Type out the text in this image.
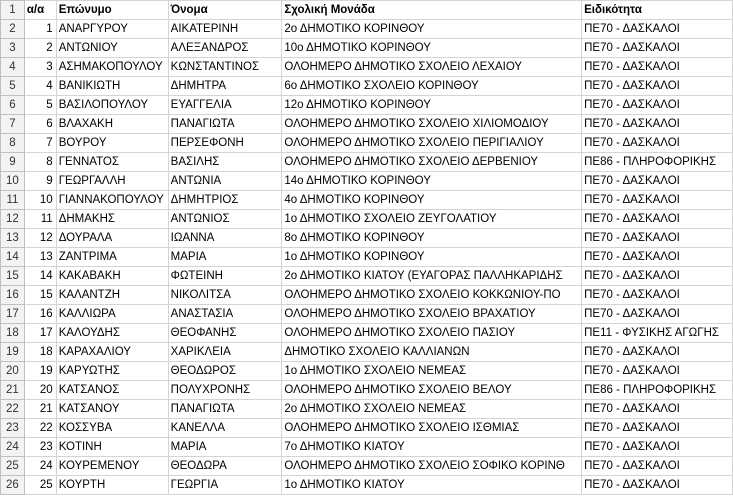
1	α/α	Επώνυμο	Όνομα	Σχολική Μονάδα	Ειδικότητα
2	1	ΑΝΑΡΓΥΡΟΥ	ΑΙΚΑΤΕΡΙΝΗ	2ο ΔΗΜΟΤΙΚΟ ΚΟΡΙΝΘΟΥ	ΠΕ70 - ΔΑΣΚΑΛΟΙ
3	2	ΑΝΤΩΝΙΟΥ	ΑΛΕΞΑΝΔΡΟΣ	10ο ΔΗΜΟΤΙΚΟ ΚΟΡΙΝΘΟΥ	ΠΕ70 - ΔΑΣΚΑΛΟΙ
4	3	ΑΣΗΜΑΚΟΠΟΥΛΟΥ	ΚΩΝΣΤΑΝΤΙΝΟΣ	ΟΛΟΗΜΕΡΟ ΔΗΜΟΤΙΚΟ ΣΧΟΛΕΙΟ ΛΕΧΑΙΟΥ	ΠΕ70 - ΔΑΣΚΑΛΟΙ
5	4	ΒΑΝΙΚΙΩΤΗ	ΔΗΜΗΤΡΑ	6ο ΔΗΜΟΤΙΚΟ ΣΧΟΛΕΙΟ ΚΟΡΙΝΘΟΥ	ΠΕ70 - ΔΑΣΚΑΛΟΙ
6	5	ΒΑΣΙΛΟΠΟΥΛΟΥ	ΕΥΑΓΓΕΛΙΑ	12ο ΔΗΜΟΤΙΚΟ ΚΟΡΙΝΘΟΥ	ΠΕ70 - ΔΑΣΚΑΛΟΙ
7	6	ΒΛΑΧΑΚΗ	ΠΑΝΑΓΙΩΤΑ	ΟΛΟΗΜΕΡΟ ΔΗΜΟΤΙΚΟ ΣΧΟΛΕΙΟ ΧΙΛΙΟΜΟΔΙΟΥ	ΠΕ70 - ΔΑΣΚΑΛΟΙ
8	7	ΒΟΥΡΟΥ	ΠΕΡΣΕΦΟΝΗ	ΟΛΟΗΜΕΡΟ ΔΗΜΟΤΙΚΟ ΣΧΟΛΕΙΟ ΠΕΡΙΓΙΑΛΙΟΥ	ΠΕ70 - ΔΑΣΚΑΛΟΙ
9	8	ΓΕΝΝΑΤΟΣ	ΒΑΣΙΛΗΣ	ΟΛΟΗΜΕΡΟ ΔΗΜΟΤΙΚΟ ΣΧΟΛΕΙΟ ΔΕΡΒΕΝΙΟΥ	ΠΕ86 - ΠΛΗΡΟΦΟΡΙΚΗΣ
10	9	ΓΕΩΡΓΑΛΛΗ	ΑΝΤΩΝΙΑ	14ο ΔΗΜΟΤΙΚΟ ΚΟΡΙΝΘΟΥ	ΠΕ70 - ΔΑΣΚΑΛΟΙ
11	10	ΓΙΑΝΝΑΚΟΠΟΥΛΟΥ	ΔΗΜΗΤΡΙΟΣ	4ο ΔΗΜΟΤΙΚΟ ΚΟΡΙΝΘΟΥ	ΠΕ70 - ΔΑΣΚΑΛΟΙ
12	11	ΔΗΜΑΚΗΣ	ΑΝΤΩΝΙΟΣ	1ο ΔΗΜΟΤΙΚΟ ΣΧΟΛΕΙΟ ΖΕΥΓΟΛΑΤΙΟΥ	ΠΕ70 - ΔΑΣΚΑΛΟΙ
13	12	ΔΟΥΡΑΛΑ	ΙΩΑΝΝΑ	8ο ΔΗΜΟΤΙΚΟ ΚΟΡΙΝΘΟΥ	ΠΕ70 - ΔΑΣΚΑΛΟΙ
14	13	ΖΑΝΤΡΙΜΑ	ΜΑΡΙΑ	1ο ΔΗΜΟΤΙΚΟ ΚΟΡΙΝΘΟΥ	ΠΕ70 - ΔΑΣΚΑΛΟΙ
15	14	ΚΑΚΑΒΑΚΗ	ΦΩΤΕΙΝΗ	2ο ΔΗΜΟΤΙΚΟ ΚΙΑΤΟΥ (ΕΥΑΓΟΡΑΣ ΠΑΛΛΗΚΑΡΙΔΗΣ	ΠΕ70 - ΔΑΣΚΑΛΟΙ
16	15	ΚΑΛΑΝΤΖΗ	ΝΙΚΟΛΙΤΣΑ	ΟΛΟΗΜΕΡΟ ΔΗΜΟΤΙΚΟ ΣΧΟΛΕΙΟ ΚΟΚΚΩΝΙΟΥ-ΠΟ	ΠΕ70 - ΔΑΣΚΑΛΟΙ
17	16	ΚΑΛΛΙΩΡΑ	ΑΝΑΣΤΑΣΙΑ	ΟΛΟΗΜΕΡΟ ΔΗΜΟΤΙΚΟ ΣΧΟΛΕΙΟ ΒΡΑΧΑΤΙΟΥ	ΠΕ70 - ΔΑΣΚΑΛΟΙ
18	17	ΚΑΛΟΥΔΗΣ	ΘΕΟΦΑΝΗΣ	ΟΛΟΗΜΕΡΟ ΔΗΜΟΤΙΚΟ ΣΧΟΛΕΙΟ ΠΑΣΙΟΥ	ΠΕ11 - ΦΥΣΙΚΗΣ ΑΓΩΓΗΣ
19	18	ΚΑΡΑΧΑΛΙΟΥ	ΧΑΡΙΚΛΕΙΑ	ΔΗΜΟΤΙΚΟ ΣΧΟΛΕΙΟ ΚΑΛΛΙΑΝΩΝ	ΠΕ70 - ΔΑΣΚΑΛΟΙ
20	19	ΚΑΡΥΩΤΗΣ	ΘΕΟΔΩΡΟΣ	1ο ΔΗΜΟΤΙΚΟ ΣΧΟΛΕΙΟ ΝΕΜΕΑΣ	ΠΕ70 - ΔΑΣΚΑΛΟΙ
21	20	ΚΑΤΣΑΝΟΣ	ΠΟΛΥΧΡΟΝΗΣ	ΟΛΟΗΜΕΡΟ ΔΗΜΟΤΙΚΟ ΣΧΟΛΕΙΟ ΒΕΛΟΥ	ΠΕ86 - ΠΛΗΡΟΦΟΡΙΚΗΣ
22	21	ΚΑΤΣΑΝΟΥ	ΠΑΝΑΓΙΩΤΑ	2ο ΔΗΜΟΤΙΚΟ ΣΧΟΛΕΙΟ ΝΕΜΕΑΣ	ΠΕ70 - ΔΑΣΚΑΛΟΙ
23	22	ΚΟΣΣΥΒΑ	ΚΑΝΕΛΛΑ	ΟΛΟΗΜΕΡΟ ΔΗΜΟΤΙΚΟ ΣΧΟΛΕΙΟ ΙΣΘΜΙΑΣ	ΠΕ70 - ΔΑΣΚΑΛΟΙ
24	23	ΚΟΤΙΝΗ	ΜΑΡΙΑ	7ο ΔΗΜΟΤΙΚΟ ΚΙΑΤΟΥ	ΠΕ70 - ΔΑΣΚΑΛΟΙ
25	24	ΚΟΥΡΕΜΕΝΟΥ	ΘΕΟΔΩΡΑ	ΟΛΟΗΜΕΡΟ ΔΗΜΟΤΙΚΟ ΣΧΟΛΕΙΟ ΣΟΦΙΚΟ ΚΟΡΙΝΘ	ΠΕ70 - ΔΑΣΚΑΛΟΙ
26	25	ΚΟΥΡΤΗ	ΓΕΩΡΓΙΑ	1ο ΔΗΜΟΤΙΚΟ ΚΙΑΤΟΥ	ΠΕ70 - ΔΑΣΚΑΛΟΙ
